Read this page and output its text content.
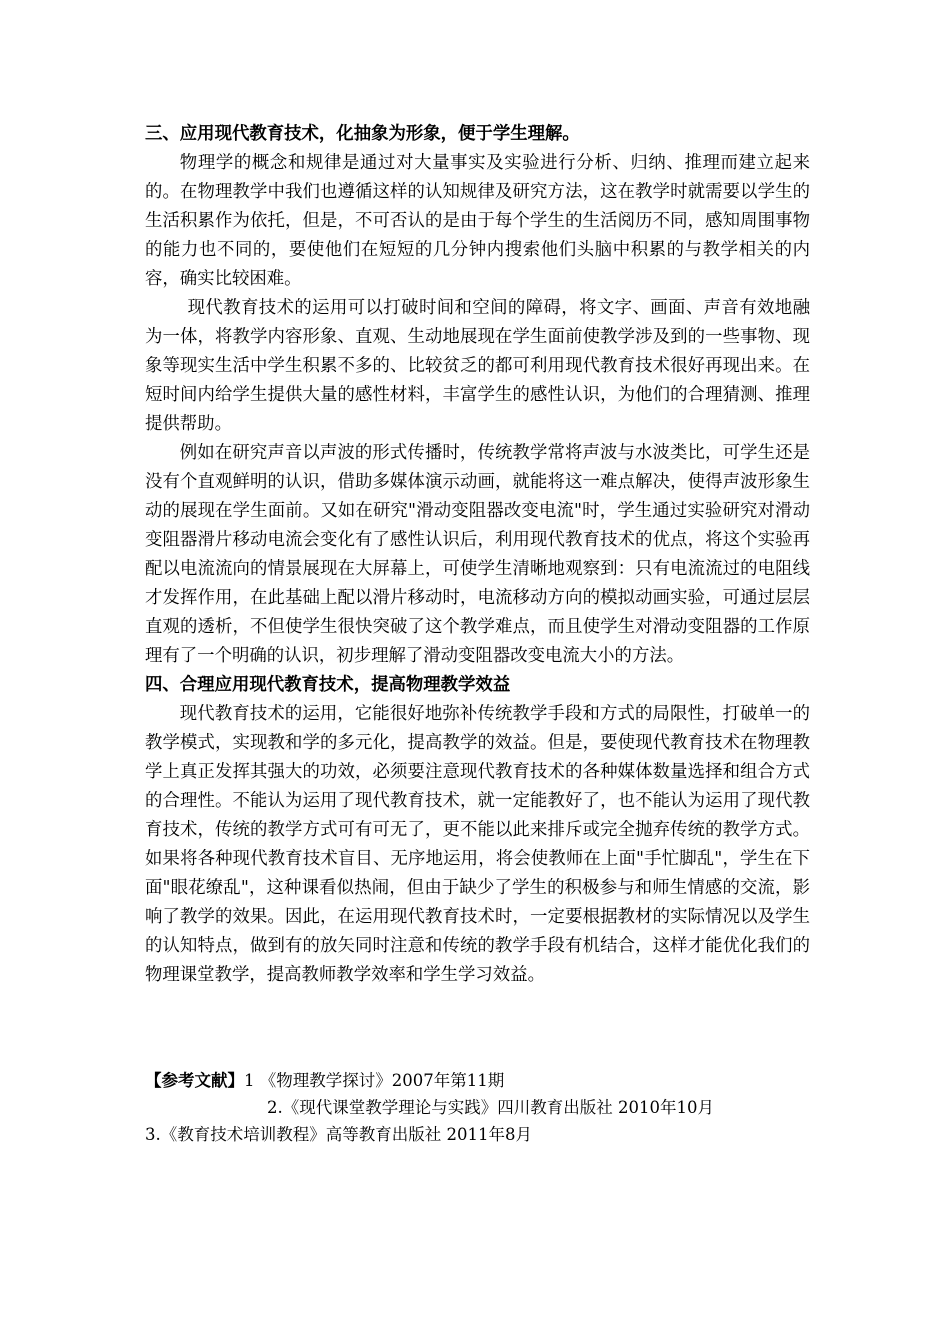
三、应用现代教育技术，化抽象为形象，便于学生理解。

物理学的概念和规律是通过对大量事实及实验进行分析、归纳、推理而建立起来的。在物理教学中我们也遵循这样的认知规律及研究方法，这在教学时就需要以学生的生活积累作为依托，但是，不可否认的是由于每个学生的生活阅历不同，感知周围事物的能力也不同的，要使他们在短短的几分钟内搜索他们头脑中积累的与教学相关的内容，确实比较困难。

现代教育技术的运用可以打破时间和空间的障碍，将文字、画面、声音有效地融为一体，将教学内容形象、直观、生动地展现在学生面前使教学涉及到的一些事物、现象等现实生活中学生积累不多的、比较贫乏的都可利用现代教育技术很好再现出来。在短时间内给学生提供大量的感性材料，丰富学生的感性认识，为他们的合理猜测、推理提供帮助。

例如在研究声音以声波的形式传播时，传统教学常将声波与水波类比，可学生还是没有个直观鲜明的认识，借助多媒体演示动画，就能将这一难点解决，使得声波形象生动的展现在学生面前。又如在研究"滑动变阻器改变电流"时，学生通过实验研究对滑动变阻器滑片移动电流会变化有了感性认识后，利用现代教育技术的优点，将这个实验再配以电流流向的情景展现在大屏幕上，可使学生清晰地观察到：只有电流流过的电阻线才发挥作用，在此基础上配以滑片移动时，电流移动方向的模拟动画实验，可通过层层直观的透析，不但使学生很快突破了这个教学难点，而且使学生对滑动变阻器的工作原理有了一个明确的认识，初步理解了滑动变阻器改变电流大小的方法。

四、合理应用现代教育技术，提高物理教学效益

现代教育技术的运用，它能很好地弥补传统教学手段和方式的局限性，打破单一的教学模式，实现教和学的多元化，提高教学的效益。但是，要使现代教育技术在物理教学上真正发挥其强大的功效，必须要注意现代教育技术的各种媒体数量选择和组合方式的合理性。不能认为运用了现代教育技术，就一定能教好了，也不能认为运用了现代教育技术，传统的教学方式可有可无了，更不能以此来排斥或完全抛弃传统的教学方式。如果将各种现代教育技术盲目、无序地运用，将会使教师在上面"手忙脚乱"，学生在下面"眼花缭乱"，这种课看似热闹，但由于缺少了学生的积极参与和师生情感的交流，影响了教学的效果。因此，在运用现代教育技术时，一定要根据教材的实际情况以及学生的认知特点，做到有的放矢同时注意和传统的教学手段有机结合，这样才能优化我们的物理课堂教学，提高教师教学效率和学生学习效益。

【参考文献】1 《物理教学探讨》2007年第11期

2.《现代课堂教学理论与实践》四川教育出版社 2010年10月

3.《教育技术培训教程》高等教育出版社 2011年8月
